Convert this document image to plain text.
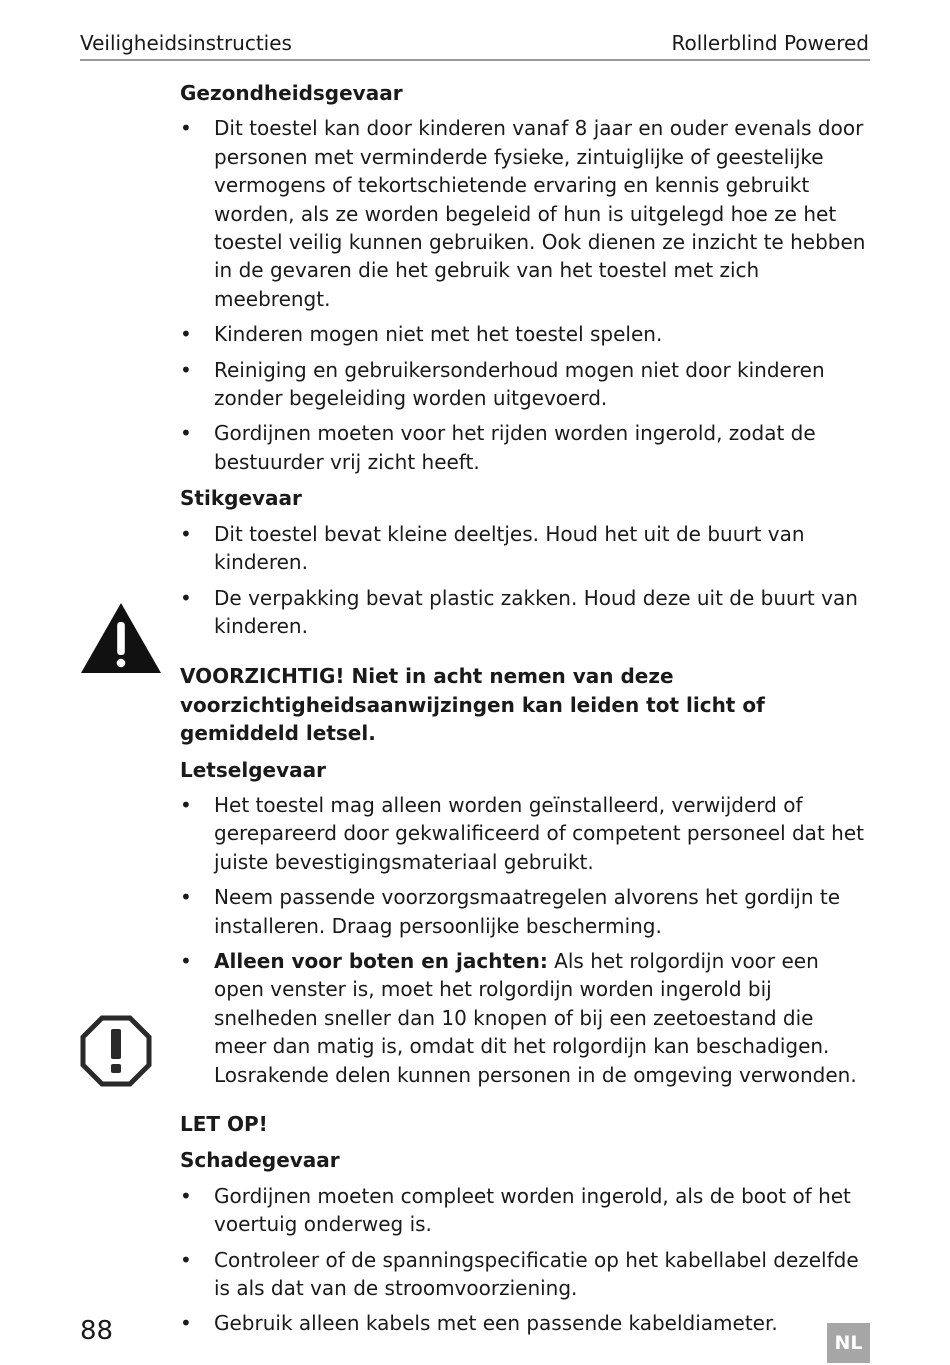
Veiligheidsinstructies	Rollerblind Powered

Gezondheidsgevaar

• Dit toestel kan door kinderen vanaf 8 jaar en ouder evenals door personen met verminderde fysieke, zintuiglijke of geestelijke vermogens of tekortschietende ervaring en kennis gebruikt worden, als ze worden begeleid of hun is uitgelegd hoe ze het toestel veilig kunnen gebruiken. Ook dienen ze inzicht te hebben in de gevaren die het gebruik van het toestel met zich meebrengt.
• Kinderen mogen niet met het toestel spelen.
• Reiniging en gebruikersonderhoud mogen niet door kinderen zonder begeleiding worden uitgevoerd.
• Gordijnen moeten voor het rijden worden ingerold, zodat de bestuurder vrij zicht heeft.

Stikgevaar

• Dit toestel bevat kleine deeltjes. Houd het uit de buurt van kinderen.
• De verpakking bevat plastic zakken. Houd deze uit de buurt van kinderen.

VOORZICHTIG! Niet in acht nemen van deze voorzichtigheidsaanwijzingen kan leiden tot licht of gemiddeld letsel.

Letselgevaar

• Het toestel mag alleen worden geïnstalleerd, verwijderd of gerepareerd door gekwalificeerd of competent personeel dat het juiste bevestigingsmateriaal gebruikt.
• Neem passende voorzorgsmaatregelen alvorens het gordijn te installeren. Draag persoonlijke bescherming.
• Alleen voor boten en jachten: Als het rolgordijn voor een open venster is, moet het rolgordijn worden ingerold bij snelheden sneller dan 10 knopen of bij een zeetoestand die meer dan matig is, omdat dit het rolgordijn kan beschadigen. Losrakende delen kunnen personen in de omgeving verwonden.

LET OP!

Schadegevaar

• Gordijnen moeten compleet worden ingerold, als de boot of het voertuig onderweg is.
• Controleer of de spanningspecificatie op het kabellabel dezelfde is als dat van de stroomvoorziening.
• Gebruik alleen kabels met een passende kabeldiameter.
88	NL
